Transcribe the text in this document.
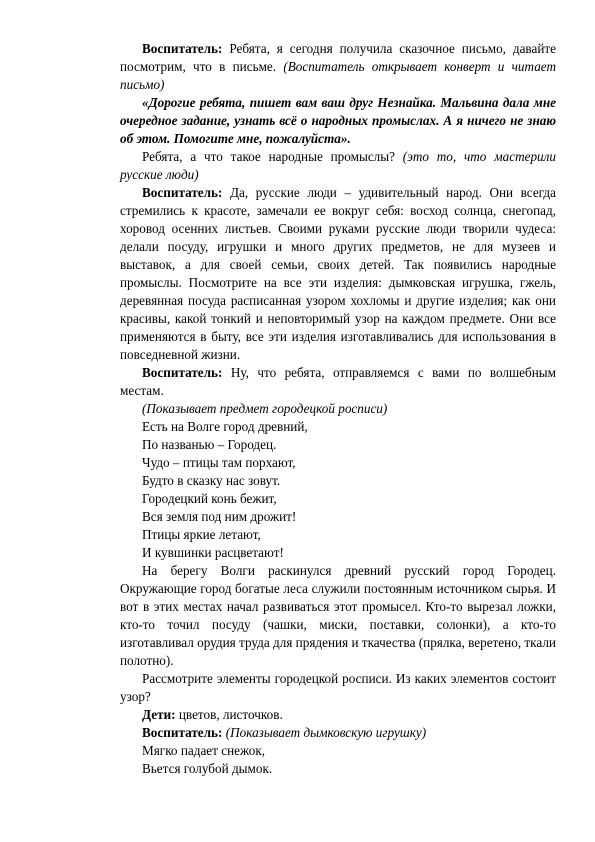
Воспитатель: Ребята, я сегодня получила сказочное письмо, давайте посмотрим, что в письме. (Воспитатель открывает конверт и читает письмо)

«Дорогие ребята, пишет вам ваш друг Незнайка. Мальвина дала мне очередное задание, узнать всё о народных промыслах. А я ничего не знаю об этом. Помогите мне, пожалуйста».

Ребята, а что такое народные промыслы? (это то, что мастерили русские люди)

Воспитатель: Да, русские люди – удивительный народ. Они всегда стремились к красоте, замечали ее вокруг себя: восход солнца, снегопад, хоровод осенних листьев. Своими руками русские люди творили чудеса: делали посуду, игрушки и много других предметов, не для музеев и выставок, а для своей семьи, своих детей. Так появились народные промыслы. Посмотрите на все эти изделия: дымковская игрушка, гжель, деревянная посуда расписанная узором хохломы и другие изделия; как они красивы, какой тонкий и неповторимый узор на каждом предмете. Они все применяются в быту, все эти изделия изготавливались для использования в повседневной жизни.

Воспитатель: Ну, что ребята, отправляемся с вами по волшебным местам.

(Показывает предмет городецкой росписи)

Есть на Волге город древний,
По названью – Городец.
Чудо – птицы там порхают,
Будто в сказку нас зовут.
Городецкий конь бежит,
Вся земля под ним дрожит!
Птицы яркие летают,
И кувшинки расцветают!

На берегу Волги раскинулся древний русский город Городец. Окружающие город богатые леса служили постоянным источником сырья. И вот в этих местах начал развиваться этот промысел. Кто-то вырезал ложки, кто-то точил посуду (чашки, миски, поставки, солонки), а кто-то изготавливал орудия труда для прядения и ткачества (прялка, веретено, ткали полотно).

Рассмотрите элементы городецкой росписи. Из каких элементов состоит узор?

Дети: цветов, листочков.

Воспитатель: (Показывает дымковскую игрушку)

Мягко падает снежок,
Вьется голубой дымок.
